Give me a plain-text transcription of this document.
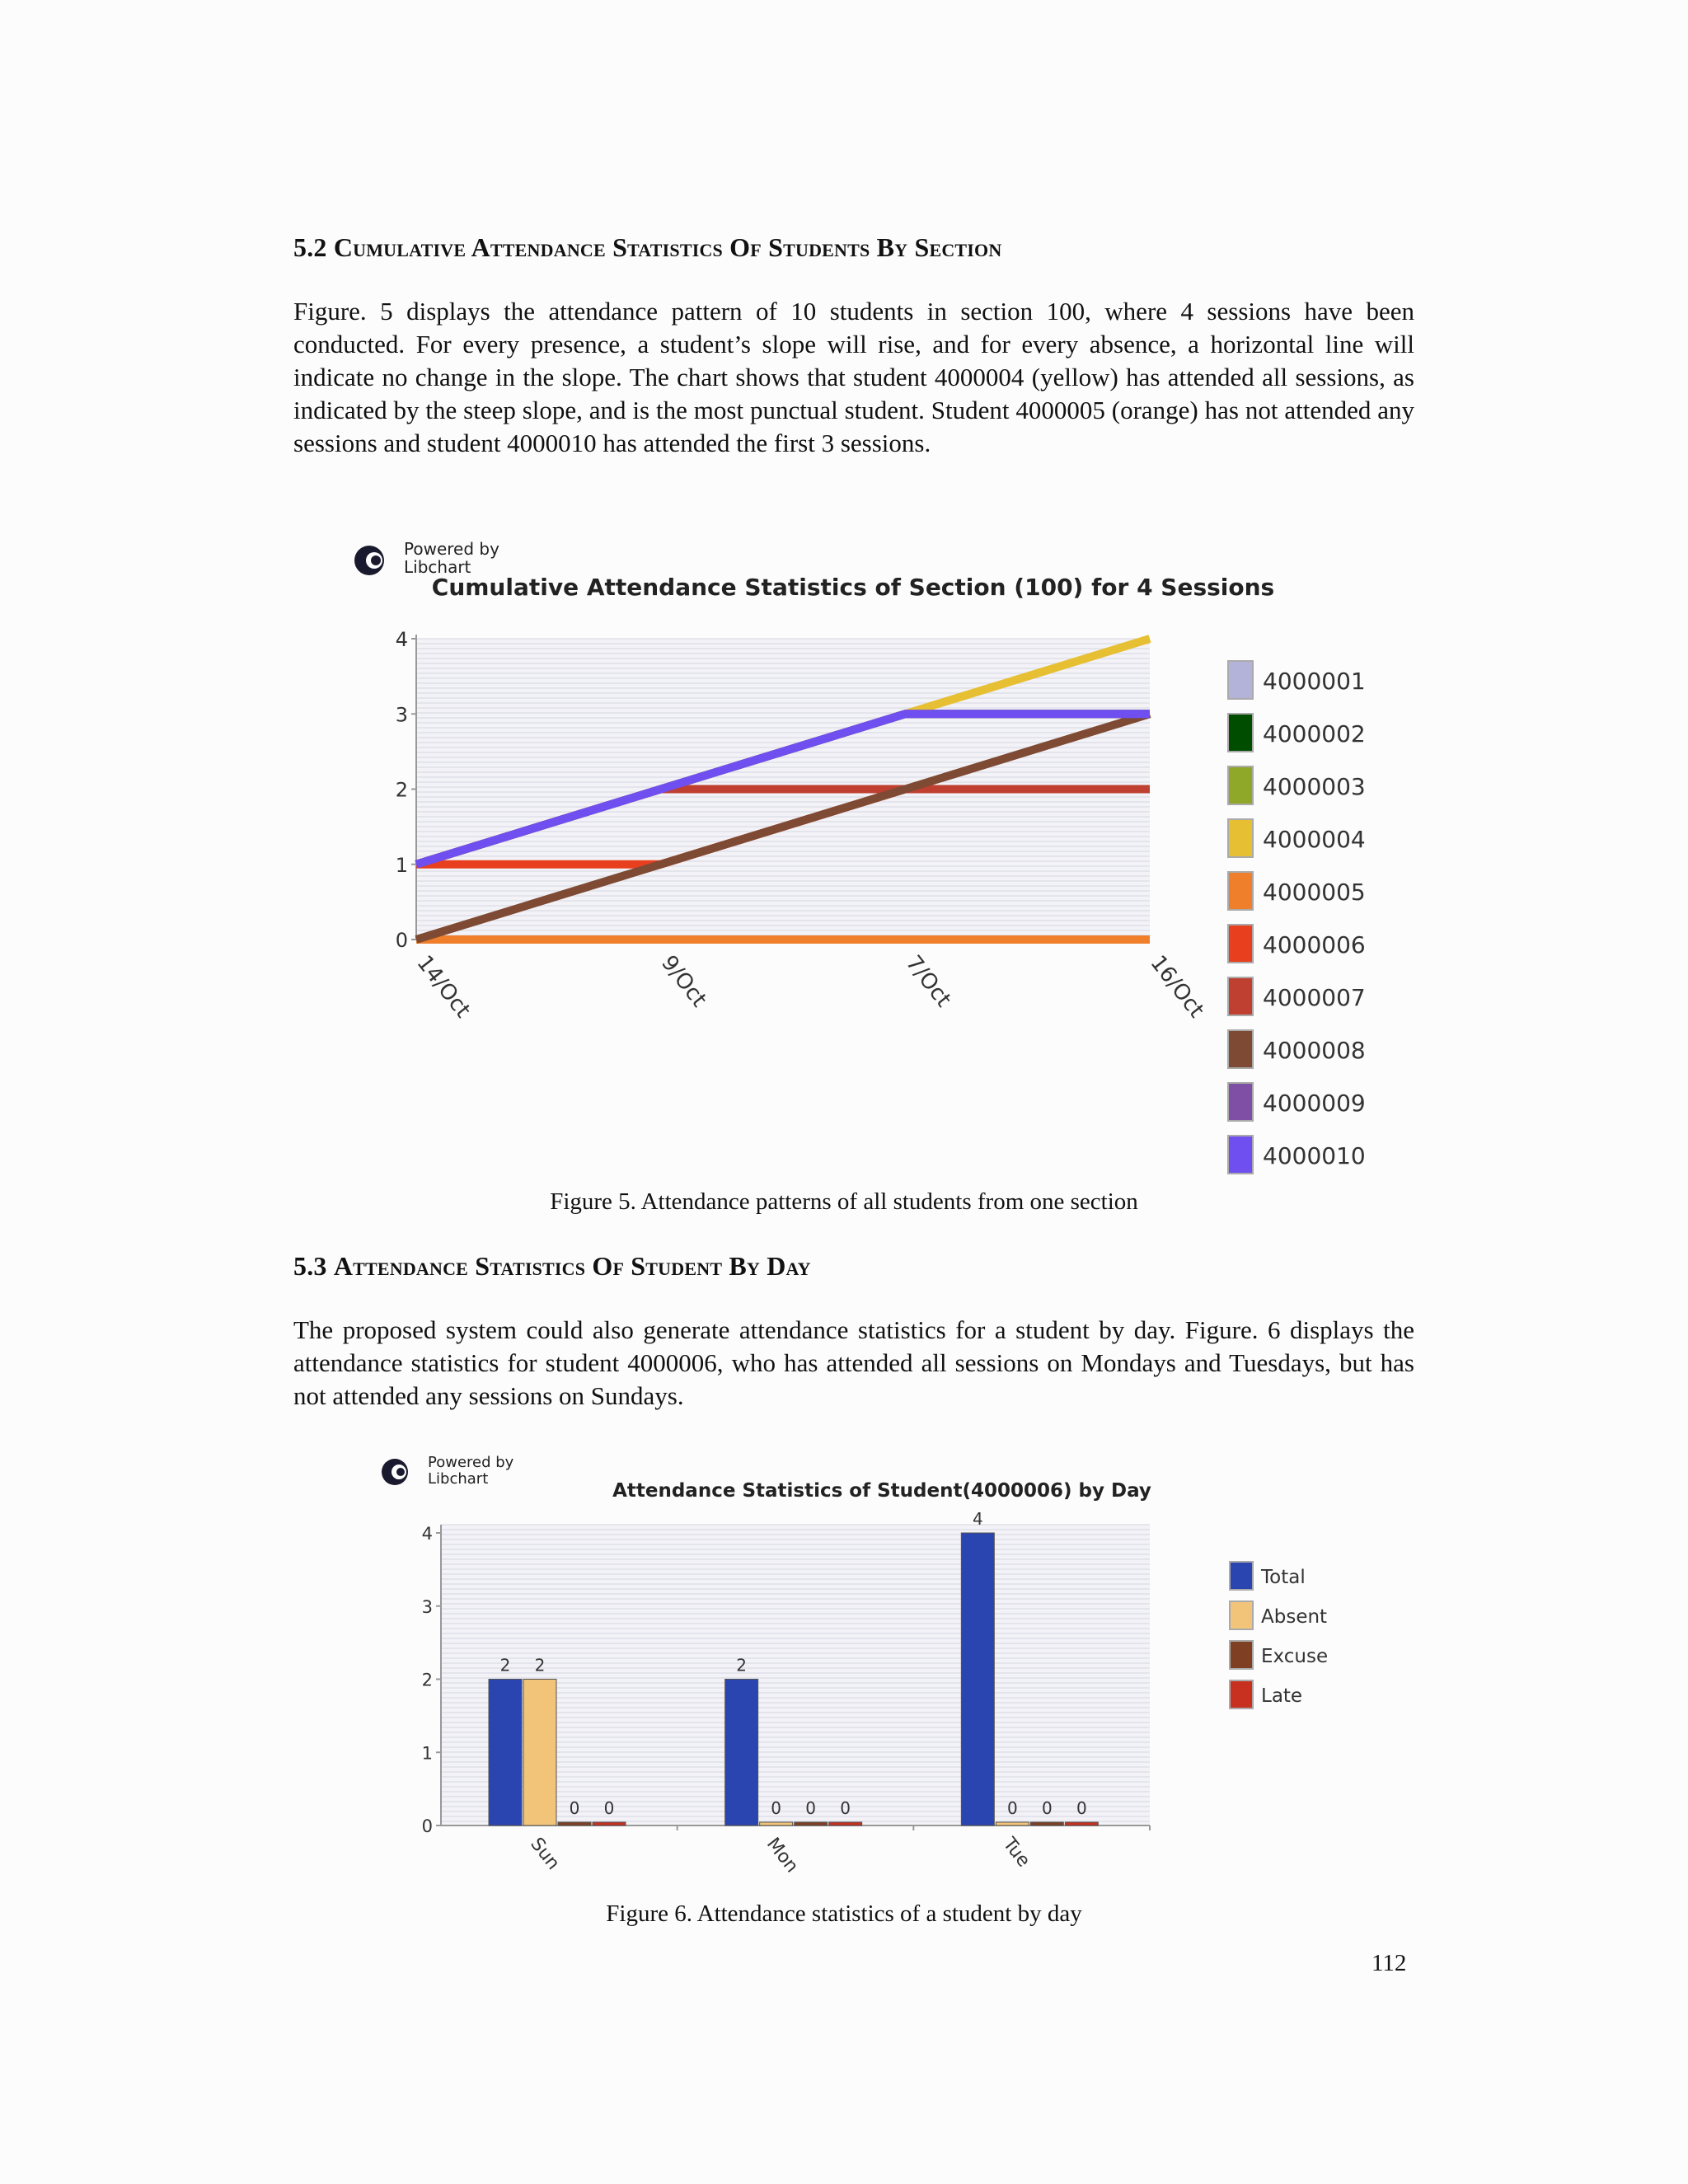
5.2 Cumulative Attendance Statistics Of Students By Section

Figure. 5 displays the attendance pattern of 10 students in section 100, where 4 sessions have been conducted. For every presence, a student’s slope will rise, and for every absence, a horizontal line will indicate no change in the slope. The chart shows that student 4000004 (yellow) has attended all sessions, as indicated by the steep slope, and is the most punctual student. Student 4000005 (orange) has not attended any sessions and student 4000010 has attended the first 3 sessions.

Powered by Libchart
Cumulative Attendance Statistics of Section (100) for 4 Sessions
0
1
2
3
4
14/Oct	9/Oct	7/Oct	16/Oct
4000001
4000002
4000003
4000004
4000005
4000006
4000007
4000008
4000009
4000010
Figure 5. Attendance patterns of all students from one section
5.3 Attendance Statistics Of Student By Day

The proposed system could also generate attendance statistics for a student by day. Figure. 6 displays the attendance statistics for student 4000006, who has attended all sessions on Mondays and Tuesdays, but has not attended any sessions on Sundays.

Powered by Libchart
Attendance Statistics of Student(4000006) by Day
0
1
2
3
4
Sun	Mon	Tue
2 2
0 0
2
0 0 0
4
0 0 0
Total
Absent
Excuse
Late
Figure 6. Attendance statistics of a student by day
112
